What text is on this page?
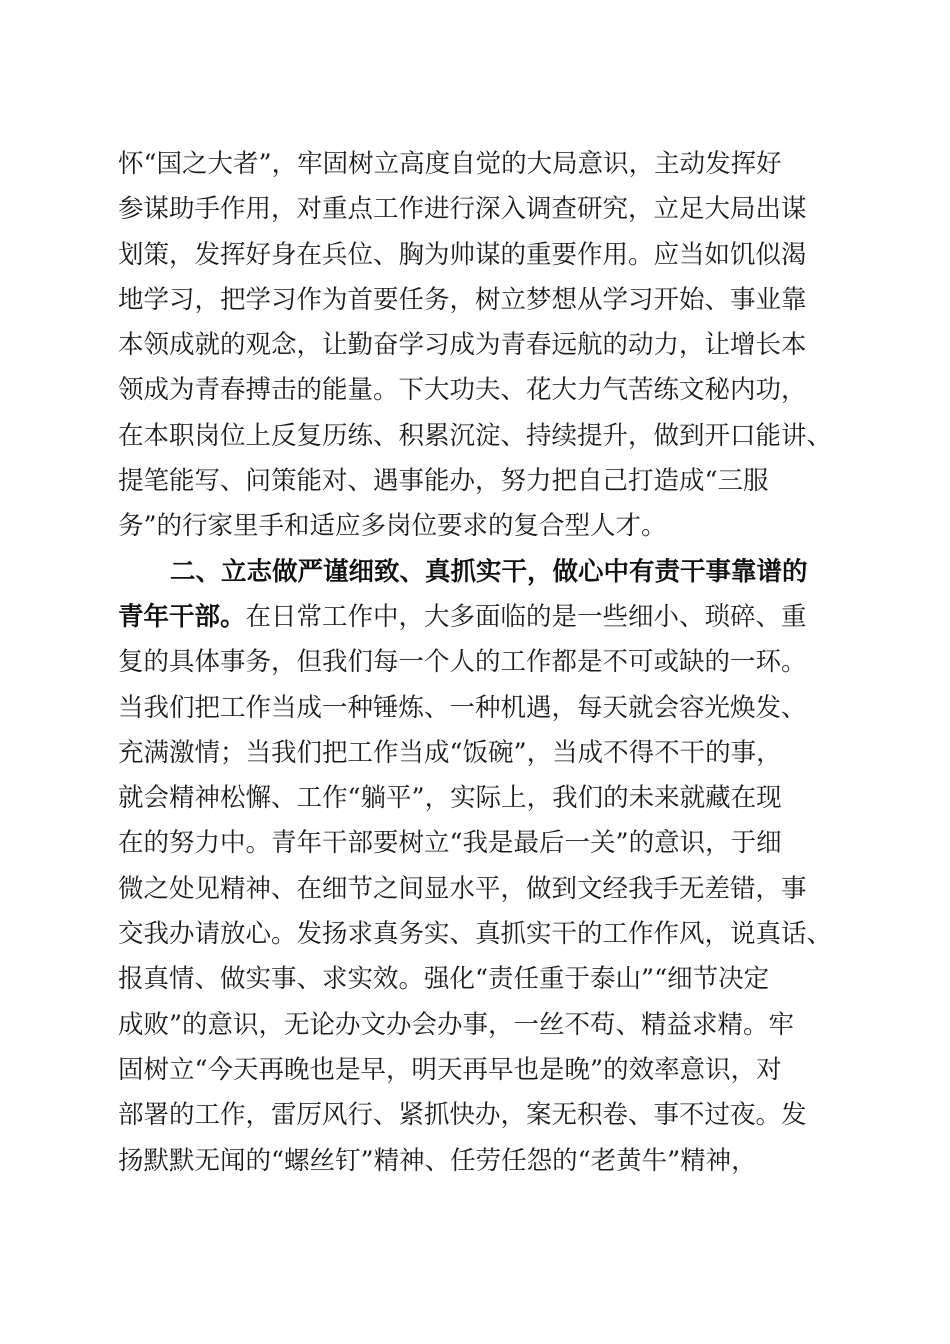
怀“国之大者”，牢固树立高度自觉的大局意识，主动发挥好
参谋助手作用，对重点工作进行深入调查研究，立足大局出谋
划策，发挥好身在兵位、胸为帅谋的重要作用。应当如饥似渴
地学习，把学习作为首要任务，树立梦想从学习开始、事业靠
本领成就的观念，让勤奋学习成为青春远航的动力，让增长本
领成为青春搏击的能量。下大功夫、花大力气苦练文秘内功，
在本职岗位上反复历练、积累沉淀、持续提升，做到开口能讲、
提笔能写、问策能对、遇事能办，努力把自己打造成“三服
务”的行家里手和适应多岗位要求的复合型人才。
二、立志做严谨细致、真抓实干，做心中有责干事靠谱的
青年干部。在日常工作中，大多面临的是一些细小、琐碎、重
复的具体事务，但我们每一个人的工作都是不可或缺的一环。
当我们把工作当成一种锤炼、一种机遇，每天就会容光焕发、
充满激情；当我们把工作当成“饭碗”，当成不得不干的事，
就会精神松懈、工作“躺平”，实际上，我们的未来就藏在现
在的努力中。青年干部要树立“我是最后一关”的意识，于细
微之处见精神、在细节之间显水平，做到文经我手无差错，事
交我办请放心。发扬求真务实、真抓实干的工作作风，说真话、
报真情、做实事、求实效。强化“责任重于泰山”“细节决定
成败”的意识，无论办文办会办事，一丝不苟、精益求精。牢
固树立“今天再晚也是早，明天再早也是晚”的效率意识，对
部署的工作，雷厉风行、紧抓快办，案无积卷、事不过夜。发
扬默默无闻的“螺丝钉”精神、任劳任怨的“老黄牛”精神，
